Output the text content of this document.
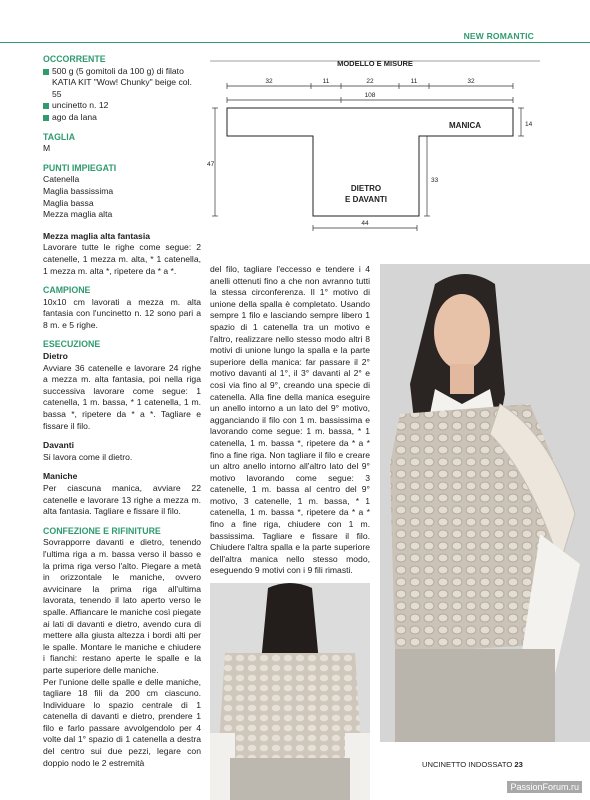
NEW ROMANTIC
OCCORRENTE
500 g (5 gomitoli da 100 g) di filato KATIA KIT "Wow! Chunky" beige col. 55
uncinetto n. 12
ago da lana
TAGLIA

M

PUNTI IMPIEGATI

Catenella

Maglia bassissima

Maglia bassa

Mezza maglia alta

Mezza maglia alta fantasia

Lavorare tutte le righe come segue: 2 catenelle, 1 mezza m. alta, * 1 catenella, 1 mezza m. alta *, ripetere da * a *.

CAMPIONE

10x10 cm lavorati a mezza m. alta fantasia con l'uncinetto n. 12 sono pari a 8 m. e 5 righe.

ESECUZIONE
Dietro

Avviare 36 catenelle e lavorare 24 righe a mezza m. alta fantasia, poi nella riga successiva lavorare come segue: 1 catenella, 1 m. bassa, * 1 catenella, 1 m. bassa *, ripetere da * a *. Tagliare e fissare il filo.

Davanti

Si lavora come il dietro.

Maniche

Per ciascuna manica, avviare 22 catenelle e lavorare 13 righe a mezza m. alta fantasia. Tagliare e fissare il filo.

CONFEZIONE E RIFINITURE

Sovrapporre davanti e dietro, tenendo l'ultima riga a m. bassa verso il basso e la prima riga verso l'alto. Piegare a metà in orizzontale le maniche, ovvero avvicinare la prima riga all'ultima lavorata, tenendo il lato aperto verso le spalle. Affiancare le maniche così piegate ai lati di davanti e dietro, avendo cura di mettere alla giusta altezza i bordi alti per le spalle. Montare le maniche e chiudere i fianchi: restano aperte le spalle e la parte superiore delle maniche.

Per l'unione delle spalle e delle maniche, tagliare 18 fili da 200 cm ciascuno. Individuare lo spazio centrale di 1 catenella di davanti e dietro, prendere 1 filo e farlo passare avvolgendolo per 4 volte dal 1° spazio di 1 catenella a destra del centro sui due pezzi, legare con doppio nodo le 2 estremità

MODELLO E MISURE
32	11	22	11	32
108
47
33
14
44
MANICA
DIETRO
E DAVANTI

del filo, tagliare l'eccesso e tendere i 4 anelli ottenuti fino a che non avranno tutti la stessa circonferenza. Il 1° motivo di unione della spalla è completato. Usando sempre 1 filo e lasciando sempre libero 1 spazio di 1 catenella tra un motivo e l'altro, realizzare nello stesso modo altri 8 motivi di unione lungo la spalla e la parte superiore della manica: far passare il 2° motivo davanti al 1°, il 3° davanti al 2° e così via fino al 9°, creando una specie di catenella. Alla fine della manica eseguire un anello intorno a un lato del 9° motivo, agganciando il filo con 1 m. bassissima e lavorando come segue: 1 m. bassa, * 1 catenella, 1 m. bassa *, ripetere da * a * fino a fine riga. Non tagliare il filo e creare un altro anello intorno all'altro lato del 9° motivo lavorando come segue: 3 catenelle, 1 m. bassa al centro del 9° motivo, 3 catenelle, 1 m. bassa, * 1 catenella, 1 m. bassa *, ripetere da * a * fino a fine riga, chiudere con 1 m. bassissima. Tagliare e fissare il filo. Chiudere l'altra spalla e la parte superiore dell'altra manica nello stesso modo, eseguendo 9 motivi con i 9 fili rimasti.

UNCINETTO INDOSSATO 23
PassionForum.ru
